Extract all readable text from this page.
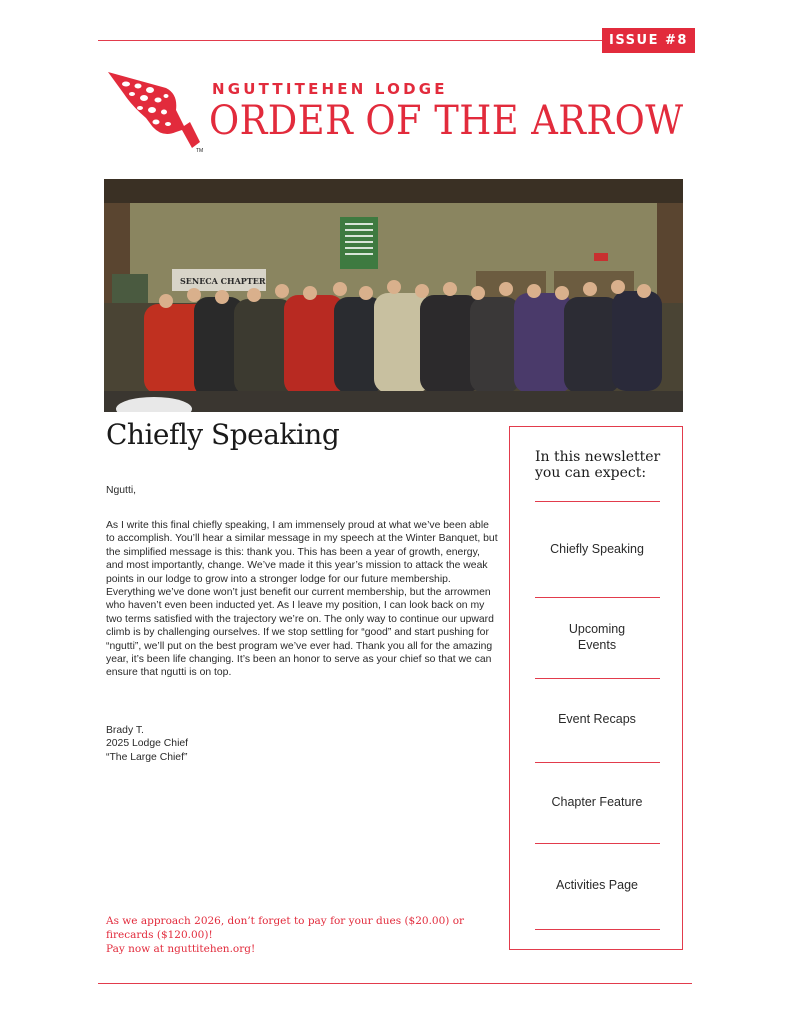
ISSUE #8
TM
NGUTTITEHEN LODGE
ORDER OF THE ARROW
SENECA CHAPTER
Chiefly Speaking
Ngutti,
As I write this final chiefly speaking, I am immensely proud at what we’ve been able to accomplish. You’ll hear a similar message in my speech at the Winter Banquet, but the simplified message is this: thank you. This has been a year of growth, energy, and most importantly, change. We’ve made it this year’s mission to attack the weak points in our lodge to grow into a stronger lodge for our future membership. Everything we’ve done won’t just benefit our current membership, but the arrowmen who haven’t even been inducted yet. As I leave my position, I can look back on my two terms satisfied with the trajectory we’re on. The only way to continue our upward climb is by challenging ourselves. If we stop settling for “good” and start pushing for “ngutti”, we’ll put on the best program we’ve ever had. Thank you all for the amazing year, it’s been life changing. It’s been an honor to serve as your chief so that we can ensure that ngutti is on top.
Brady T.
2025 Lodge Chief
“The Large Chief”
As we approach 2026, don’t forget to pay for your dues ($20.00) or firecards ($120.00)!
Pay now at nguttitehen.org!
In this newsletter you can expect:
Chiefly Speaking
Upcoming Events
Event Recaps
Chapter Feature
Activities Page
